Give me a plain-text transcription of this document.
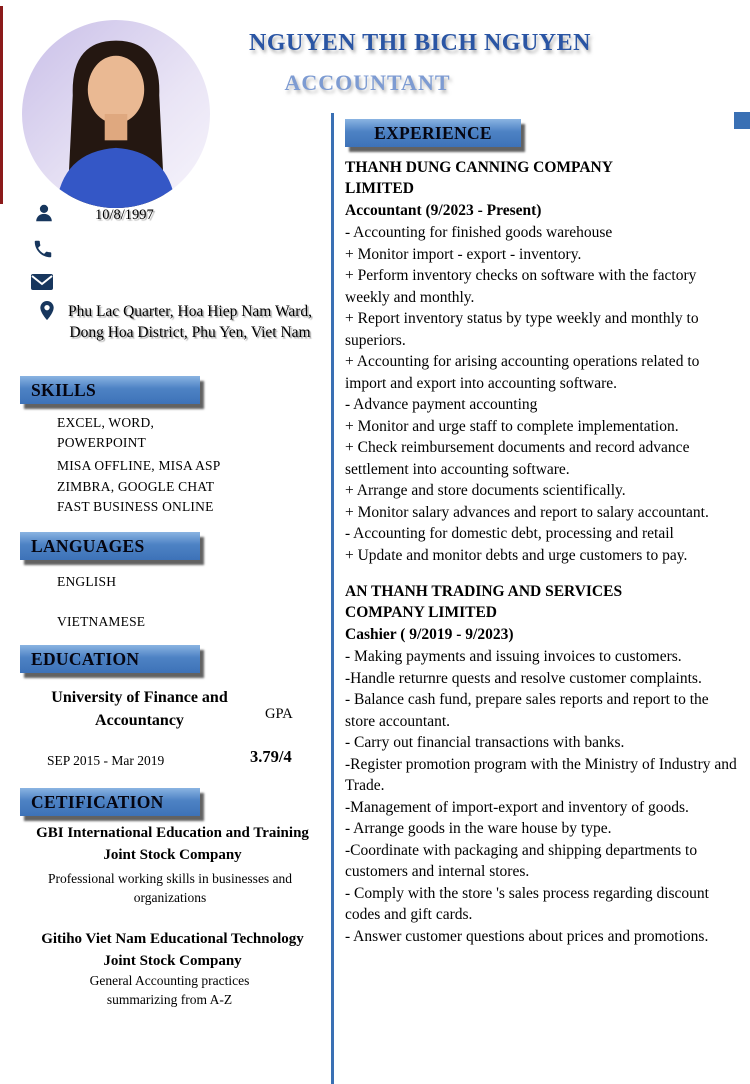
NGUYEN THI BICH NGUYEN
ACCOUNTANT
10/8/1997
Phu Lac Quarter, Hoa Hiep Nam Ward, Dong Hoa District, Phu Yen, Viet Nam
SKILLS
EXCEL, WORD,
POWERPOINT
MISA OFFLINE, MISA ASP
ZIMBRA, GOOGLE CHAT
FAST BUSINESS ONLINE
LANGUAGES
ENGLISH
VIETNAMESE
EDUCATION
University of Finance and Accountancy	GPA
SEP 2015 - Mar 2019	3.79/4
CETIFICATION
GBI International Education and Training Joint Stock Company
Professional working skills in businesses and organizations
Gitiho Viet Nam Educational Technology Joint Stock Company
General Accounting practices summarizing from A-Z
EXPERIENCE
THANH DUNG CANNING COMPANY LIMITED
Accountant (9/2023 - Present)
- Accounting for finished goods warehouse
+ Monitor import - export - inventory.
+ Perform inventory checks on software with the factory weekly and monthly.
+ Report inventory status by type weekly and monthly to superiors.
+ Accounting for arising accounting operations related to import and export into accounting software.
- Advance payment accounting
+ Monitor and urge staff to complete implementation.
+ Check reimbursement documents and record advance settlement into accounting software.
+ Arrange and store documents scientifically.
+ Monitor salary advances and report to salary accountant.
- Accounting for domestic debt, processing and retail
+ Update and monitor debts and urge customers to pay.
AN THANH TRADING AND SERVICES COMPANY LIMITED
Cashier ( 9/2019 - 9/2023)
- Making payments and issuing invoices to customers.
-Handle returnre quests and resolve customer complaints.
- Balance cash fund, prepare sales reports and report to the store accountant.
- Carry out financial transactions with banks.
-Register promotion program with the Ministry of Industry and Trade.
-Management of import-export and inventory of goods.
- Arrange goods in the ware house by type.
-Coordinate with packaging and shipping departments to customers and internal stores.
- Comply with the store 's sales process regarding discount codes and gift cards.
- Answer customer questions about prices and promotions.
